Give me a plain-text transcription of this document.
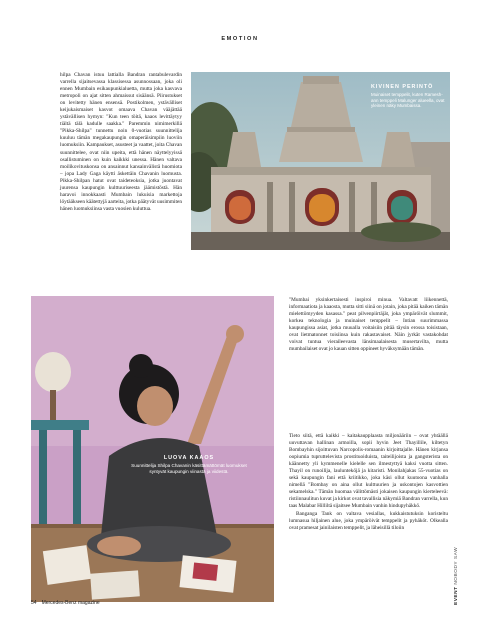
EMOTION

hilpa Chavan istuu lattialla Bandran rantabulevardin varrella sijaitsevassa klassisessa asunnossaan, joka oli ennen Mumbain esikaupunkialuetta, mutta joka kasvava metropoli on ajat sitten ahmaissut sisäänsä. Piirustukset on levitetty hänen ensensä. Postikolmen, ystävälliset keijukaismaiset kasvot omaava Chavan vääjättää ystävällisen hymyn: "Kun teen töitä, kaaos levittäytyy tiältä tälä kadulle saakka." Paremmin nimimerkillä "Pikka-Shilpa" tunnettu noin 0-vuotias suunnittelija kuuluu tämän megakaupungin omaperäisimpiin luoviin luomuksiin. Kampaukset, asusteet ja vaattet, joita Chavan suunnittelee, ovat niin upeita, että hänen näyttelyyissä osallistuminen on kuin kaikkki unessa. Hänen valtava moilikovituskonsa on ansainnut kansainvälistä huomiota – jopa Lady Gaga käytti äskettäin Chavanin luomusta. Pikka-Shilpan hatut ovat taideteoksia, jotka juontavat juurensa kaupungin kulttuuriseesta jäämistöstä. Hän haravoi innokkaasti Mumbain lukuisia markettoja löytääkseen käätettyjä aarteita, jotka päätyvät uusimmiten hänen luomuksiinsa vasta vuosien kuluttua.

KIVINEN PERINTÖ
Muinaiset temppelit, kuten Ramesh- ann temppeli Malunger alueella, ovat yleinen näky Mumbaissa.
LUOVA KAAOS
Suunnittelija Shilpa Chavanin käsittämättömät luomukset syntyvät kaupungin viinastä ja viidestä.

"Mumbai yksinkertaisesti inspiroi minua. Valtavatt liikennettä, informaatiota ja kaaosta, mutta sitti siinä on jotain, joka pitää kaiken tämän mielettömyyden kasassa." peat pilvenpiirtäjät, joka ympäröivät slummit, korkea teknologia ja muinaiset temppelit – Intian suurimmassa kaupungissa asiat, jotka muualla voitaisiin pitää täysin erossa toisistaan, ovat lietmatonnet toisiinsa kuin rakastavaiset. Näin jyrkät vastakohdat voivat tuntua vieraileevasta länsimaalaisesta musertavilta, mutta mumbailaiset ovat jo kauan sitten oppineet hyväksymään tämän.

Tieto siitä, että kaikki – kaitakaupplaasta miljonääriin – ovat yhtäällä uuvuttavan hallinan armoilla, sopii hyvin Jeet Thayillile, kiltetyn Bombayhin sijoittuvan Narcopolis-romaanin kirjoittajalle. Hänen kirjansa oopiumia tupruttelevista prostituoiduista, taiteilijoista ja gangsterista on käännetty yli kymmenelle kielelle sen ilmestyttyä kaksi vuotta sitten. Thayil on runoilija, laulunteköjä ja kitaristi. Monilahjakas 55-vuotias on sekä kaupungin fani että kriitikko, joka käsi ollut kuutoona vanhalla nimellä "Bombay on aina ollut kulttuurien ja uskontojen kasvottien sekamelska." Tämän huomaa välittömästi jokaisen kaupungin kierteleevä: ristiinnaulitun kuvat ja kirkot ovat tavallisia näkymiä Bandran varrella, kun taas Malabar Hilliltä sijaitsee Mumbain vanhin hindupyhäkkö.

Banganga Tank on valtava vesiallas, kukkaistutuksin koristeltu lumnasua hiljainen alue, joka ympäröivät temppelit ja pyhäköt. Olkealla ovat pramesat jainilaisten temppelit, ja läheisillä tiloiin

54 Mercedes-Benz magazine	EVENT NOBODY SAW
